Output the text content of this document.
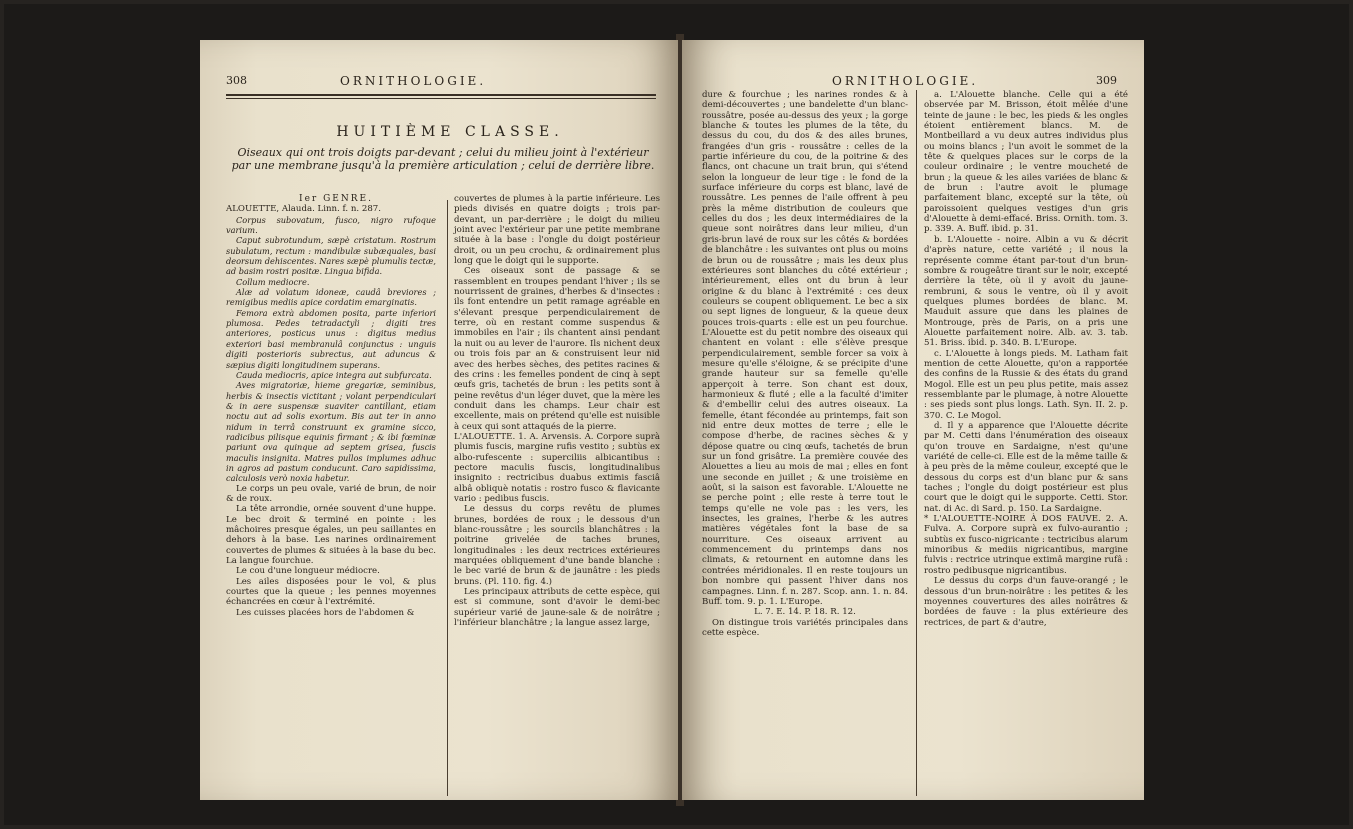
308	ORNITHOLOGIE.
HUITIÈME CLASSE.
Oiseaux qui ont trois doigts par-devant ; celui du milieu joint à l'extérieur par une membrane jusqu'à la première articulation ; celui de derrière libre.

Ier GENRE.

ALOUETTE, Alauda. Linn. f. n. 287.

Corpus subovatum, fusco, nigro rufoque varium.

Caput subrotundum, sæpè cristatum. Rostrum subulatum, rectum : mandibulæ subæquales, basi deorsum dehiscentes. Nares sæpè plumulis tectæ, ad basim rostri positæ. Lingua bifida.

Collum mediocre.

Alæ ad volatum idoneæ, caudâ breviores ; remigibus mediis apice cordatim emarginatis.

Femora extrà abdomen posita, parte inferiori plumosa. Pedes tetradactyli ; digiti tres anteriores, posticus unus : digitus medius exteriori basi membranulâ conjunctus : unguis digiti posterioris subrectus, aut aduncus & sæpius digiti longitudinem superans.

Cauda mediocris, apice integra aut subfurcata.

Aves migratoriæ, hieme gregariæ, seminibus, herbis & insectis victitant ; volant perpendiculari & in aere suspensæ suaviter cantillant, etiam noctu aut ad solis exortum. Bis aut ter in anno nidum in terrâ construunt ex gramine sicco, radicibus pilisque equinis firmant ; & ibi fœminæ pariunt ova quinque ad septem grisea, fuscis maculis insignita. Matres pullos implumes adhuc in agros ad pastum conducunt. Caro sapidissima, calculosis verò noxia habetur.

Le corps un peu ovale, varié de brun, de noir & de roux.

La tête arrondie, ornée souvent d'une huppe. Le bec droit & terminé en pointe : les mâchoires presque égales, un peu saillantes en dehors à la base. Les narines ordinairement couvertes de plumes & situées à la base du bec. La langue fourchue.

Le cou d'une longueur médiocre.

Les ailes disposées pour le vol, & plus courtes que la queue ; les pennes moyennes échancrées en cœur à l'extrémité.

Les cuisses placées hors de l'abdomen &

couvertes de plumes à la partie inférieure. Les pieds divisés en quatre doigts ; trois par-devant, un par-derrière ; le doigt du milieu joint avec l'extérieur par une petite membrane située à la base : l'ongle du doigt postérieur droit, ou un peu crochu, & ordinairement plus long que le doigt qui le supporte.

Ces oiseaux sont de passage & se rassemblent en troupes pendant l'hiver ; ils se nourrissent de graines, d'herbes & d'insectes : ils font entendre un petit ramage agréable en s'élevant presque perpendiculairement de terre, où en restant comme suspendus & immobiles en l'air ; ils chantent ainsi pendant la nuit ou au lever de l'aurore. Ils nichent deux ou trois fois par an & construisent leur nid avec des herbes sèches, des petites racines & des crins : les femelles pondent de cinq à sept œufs gris, tachetés de brun : les petits sont à peine revêtus d'un léger duvet, que la mère les conduit dans les champs. Leur chair est excellente, mais on prétend qu'elle est nuisible à ceux qui sont attaqués de la pierre.

L'ALOUETTE. 1. A. Arvensis. A. Corpore suprà plumis fuscis, margine rufis vestito ; subtùs ex albo-rufescente : superciliis albicantibus : pectore maculis fuscis, longitudinalibus insignito : rectricibus duabus extimis fasciâ albâ obliquè notatis : rostro fusco & flavicante vario : pedibus fuscis.

Le dessus du corps revêtu de plumes brunes, bordées de roux ; le dessous d'un blanc-roussâtre ; les sourcils blanchâtres : la poitrine grivelée de taches brunes, longitudinales : les deux rectrices extérieures marquées obliquement d'une bande blanche : le bec varié de brun & de jaunâtre : les pieds bruns. (Pl. 110. fig. 4.)

Les principaux attributs de cette espèce, qui est si commune, sont d'avoir le demi-bec supérieur varié de jaune-sale & de noirâtre ; l'inférieur blanchâtre ; la langue assez large,

ORNITHOLOGIE.	309

dure & fourchue ; les narines rondes & à demi-découvertes ; une bandelette d'un blanc-roussâtre, posée au-dessus des yeux ; la gorge blanche & toutes les plumes de la tête, du dessus du cou, du dos & des ailes brunes, frangées d'un gris - roussâtre : celles de la partie inférieure du cou, de la poitrine & des flancs, ont chacune un trait brun, qui s'étend selon la longueur de leur tige : le fond de la surface inférieure du corps est blanc, lavé de roussâtre. Les pennes de l'aile offrent à peu près la même distribution de couleurs que celles du dos ; les deux intermédiaires de la queue sont noirâtres dans leur milieu, d'un gris-brun lavé de roux sur les côtés & bordées de blanchâtre : les suivantes ont plus ou moins de brun ou de roussâtre ; mais les deux plus extérieures sont blanches du côté extérieur ; intérieurement, elles ont du brun à leur origine & du blanc à l'extrémité : ces deux couleurs se coupent obliquement. Le bec a six ou sept lignes de longueur, & la queue deux pouces trois-quarts : elle est un peu fourchue. L'Alouette est du petit nombre des oiseaux qui chantent en volant : elle s'élève presque perpendiculairement, semble forcer sa voix à mesure qu'elle s'éloigne, & se précipite d'une grande hauteur sur sa femelle qu'elle apperçoit à terre. Son chant est doux, harmonieux & fluté ; elle a la faculté d'imiter & d'embellir celui des autres oiseaux. La femelle, étant fécondée au printemps, fait son nid entre deux mottes de terre ; elle le compose d'herbe, de racines sèches & y dépose quatre ou cinq œufs, tachetés de brun sur un fond grisâtre. La première couvée des Alouettes a lieu au mois de mai ; elles en font une seconde en juillet ; & une troisième en août, si la saison est favorable. L'Alouette ne se perche point ; elle reste à terre tout le temps qu'elle ne vole pas : les vers, les insectes, les graines, l'herbe & les autres matières végétales font la base de sa nourriture. Ces oiseaux arrivent au commencement du printemps dans nos climats, & retournent en automne dans les contrées méridionales. Il en reste toujours un bon nombre qui passent l'hiver dans nos campagnes. Linn. f. n. 287. Scop. ann. 1. n. 84. Buff. tom. 9. p. 1. L'Europe.

L. 7. E. 14. P. 18. R. 12.

On distingue trois variétés principales dans cette espèce.

a. L'Alouette blanche. Celle qui a été observée par M. Brisson, étoit mêlée d'une teinte de jaune : le bec, les pieds & les ongles étoient entièrement blancs. M. de Montbeillard a vu deux autres individus plus ou moins blancs ; l'un avoit le sommet de la tête & quelques places sur le corps de la couleur ordinaire ; le ventre moucheté de brun ; la queue & les ailes variées de blanc & de brun : l'autre avoit le plumage parfaitement blanc, excepté sur la tête, où paroissoient quelques vestiges d'un gris d'Alouette à demi-effacé. Briss. Ornith. tom. 3. p. 339. A. Buff. ibid. p. 31.

b. L'Alouette - noire. Albin a vu & décrit d'après nature, cette variété ; il nous la représente comme étant par-tout d'un brun-sombre & rougeâtre tirant sur le noir, excepté derrière la tête, où il y avoit du jaune-rembruni, & sous le ventre, où il y avoit quelques plumes bordées de blanc. M. Mauduit assure que dans les plaines de Montrouge, près de Paris, on a pris une Alouette parfaitement noire. Alb. av. 3. tab. 51. Briss. ibid. p. 340. B. L'Europe.

c. L'Alouette à longs pieds. M. Latham fait mention de cette Alouette, qu'on a rapportée des confins de la Russie & des états du grand Mogol. Elle est un peu plus petite, mais assez ressemblante par le plumage, à notre Alouette : ses pieds sont plus longs. Lath. Syn. II. 2. p. 370. C. Le Mogol.

d. Il y a apparence que l'Alouette décrite par M. Cetti dans l'énumération des oiseaux qu'on trouve en Sardaigne, n'est qu'une variété de celle-ci. Elle est de la même taille & à peu près de la même couleur, excepté que le dessous du corps est d'un blanc pur & sans taches ; l'ongle du doigt postérieur est plus court que le doigt qui le supporte. Cetti. Stor. nat. di Ac. di Sard. p. 150. La Sardaigne.

* L'ALOUETTE-NOIRE À DOS FAUVE. 2. A. Fulva. A. Corpore suprà ex fulvo-aurantio ; subtùs ex fusco-nigricante : tectricibus alarum minoribus & mediis nigricantibus, margine fulvis : rectrice utrinque extimâ margine rufâ : rostro pedibusque nigricantibus.

Le dessus du corps d'un fauve-orangé ; le dessous d'un brun-noirâtre : les petites & les moyennes couvertures des ailes noirâtres & bordées de fauve : la plus extérieure des rectrices, de part & d'autre,
